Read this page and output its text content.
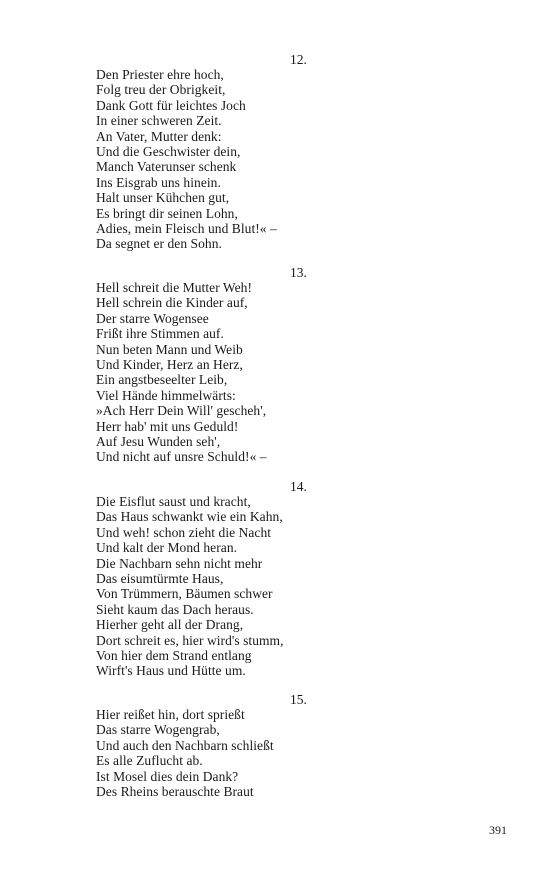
12.
Den Priester ehre hoch,
Folg treu der Obrigkeit,
Dank Gott für leichtes Joch
In einer schweren Zeit.
An Vater, Mutter denk:
Und die Geschwister dein,
Manch Vaterunser schenk
Ins Eisgrab uns hinein.
Halt unser Kühchen gut,
Es bringt dir seinen Lohn,
Adies, mein Fleisch und Blut!« –
Da segnet er den Sohn.
13.
Hell schreit die Mutter Weh!
Hell schrein die Kinder auf,
Der starre Wogensee
Frißt ihre Stimmen auf.
Nun beten Mann und Weib
Und Kinder, Herz an Herz,
Ein angstbeseelter Leib,
Viel Hände himmelwärts:
»Ach Herr Dein Will' gescheh',
Herr hab' mit uns Geduld!
Auf Jesu Wunden seh',
Und nicht auf unsre Schuld!« –
14.
Die Eisflut saust und kracht,
Das Haus schwankt wie ein Kahn,
Und weh! schon zieht die Nacht
Und kalt der Mond heran.
Die Nachbarn sehn nicht mehr
Das eisumtürmte Haus,
Von Trümmern, Bäumen schwer
Sieht kaum das Dach heraus.
Hierher geht all der Drang,
Dort schreit es, hier wird's stumm,
Von hier dem Strand entlang
Wirft's Haus und Hütte um.
15.
Hier reißet hin, dort sprießt
Das starre Wogengrab,
Und auch den Nachbarn schließt
Es alle Zuflucht ab.
Ist Mosel dies dein Dank?
Des Rheins berauschte Braut
391
